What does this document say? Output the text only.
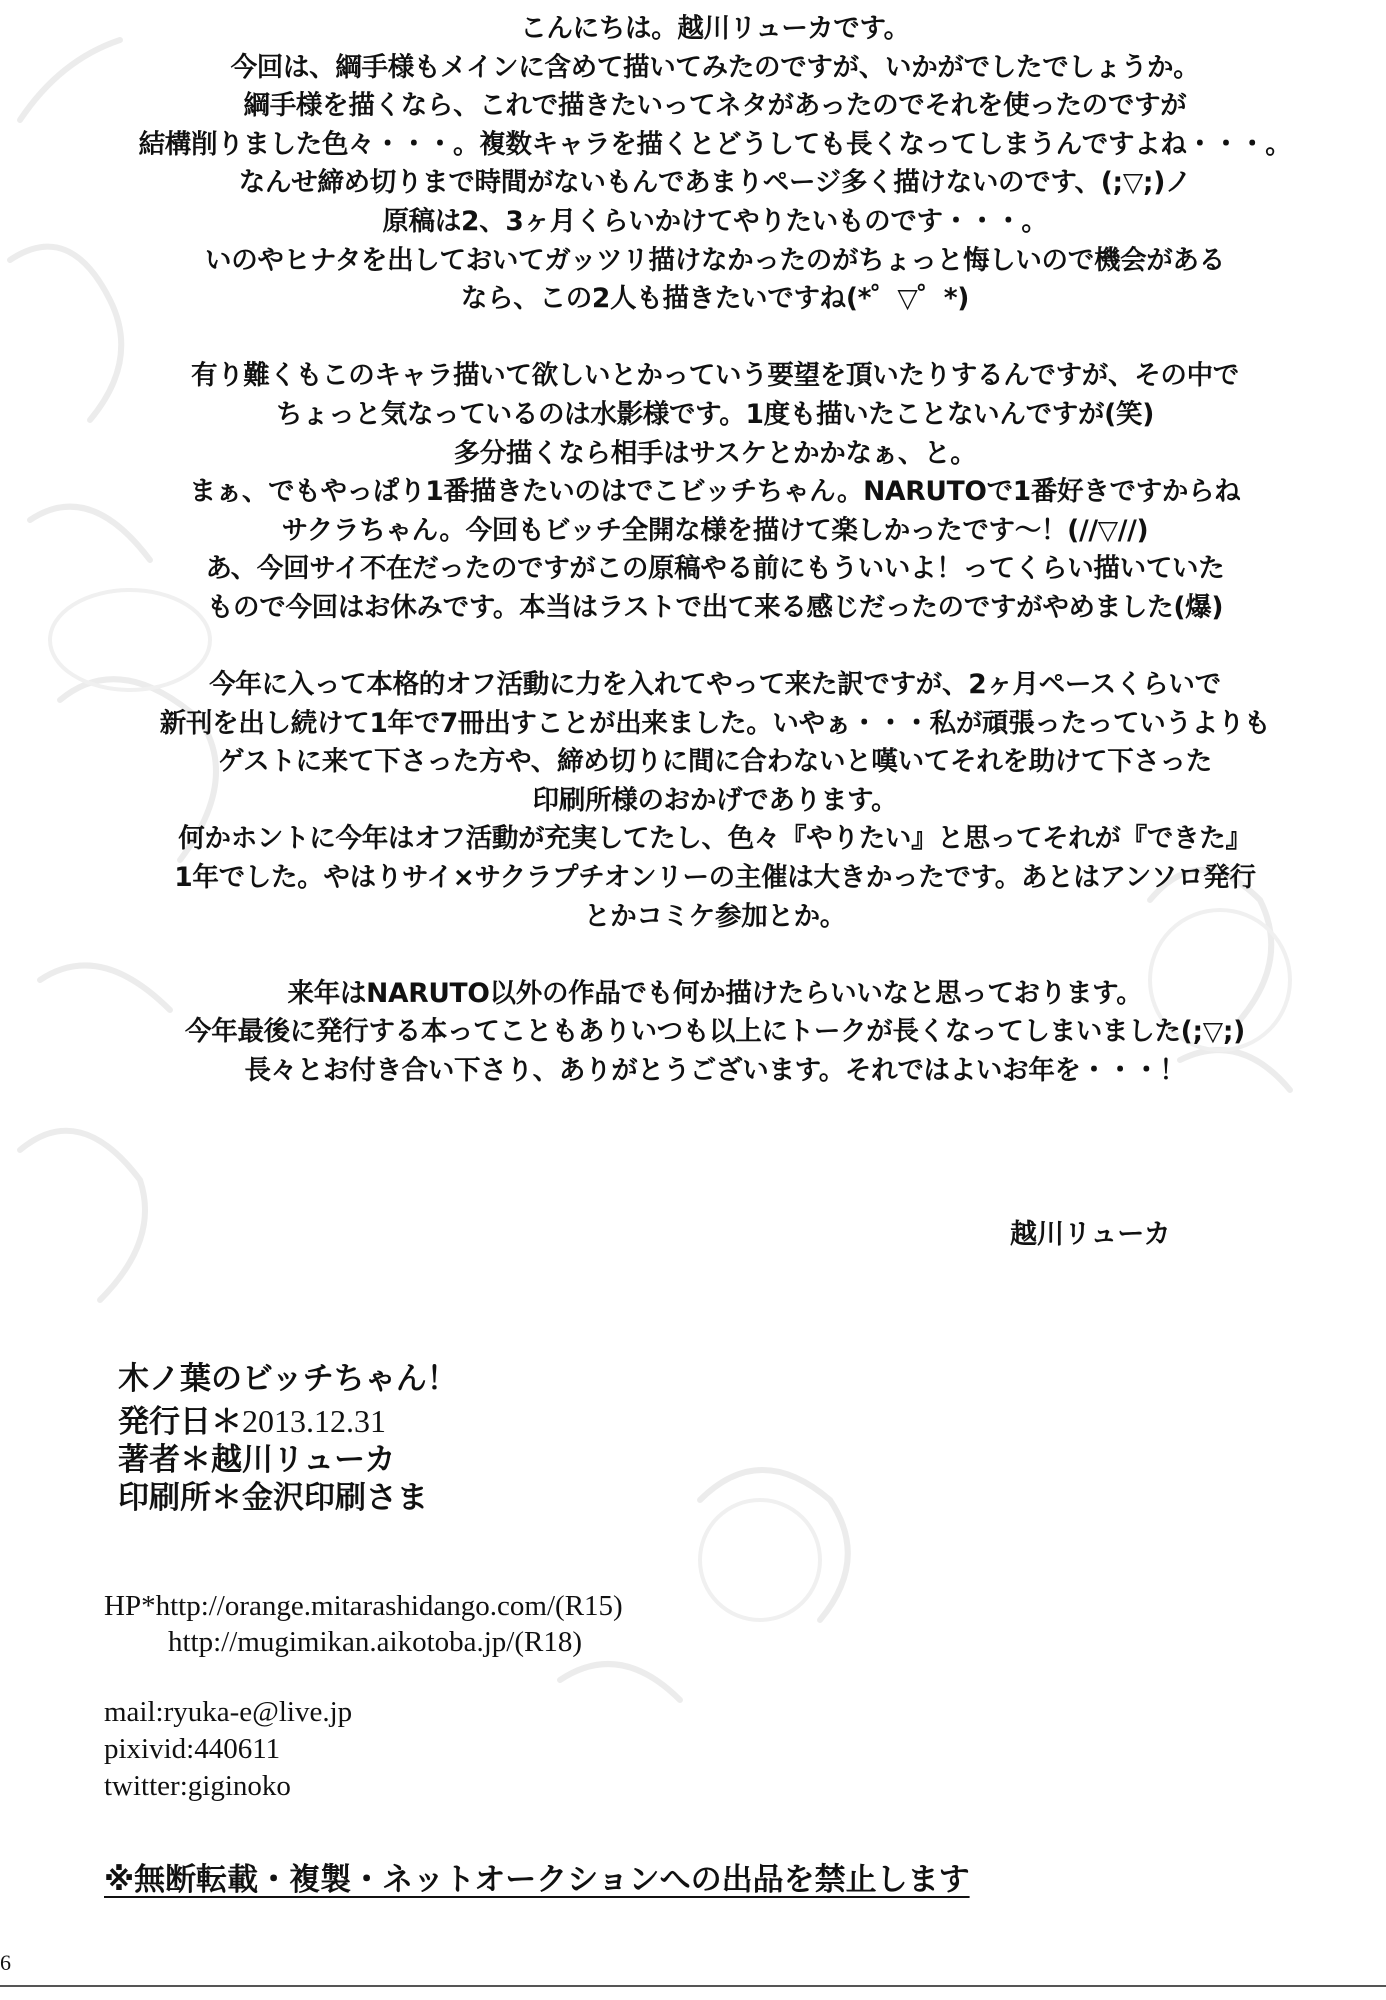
こんにちは。越川リューカです。
今回は、綱手様もメインに含めて描いてみたのですが、いかがでしたでしょうか。
綱手様を描くなら、これで描きたいってネタがあったのでそれを使ったのですが
結構削りました色々・・・。複数キャラを描くとどうしても長くなってしまうんですよね・・・。
なんせ締め切りまで時間がないもんであまりページ多く描けないのです、(;▽;)ノ
原稿は2、3ヶ月くらいかけてやりたいものです・・・。
いのやヒナタを出しておいてガッツリ描けなかったのがちょっと悔しいので機会がある
なら、この2人も描きたいですね(*゜▽゜*)
有り難くもこのキャラ描いて欲しいとかっていう要望を頂いたりするんですが、その中で
ちょっと気なっているのは水影様です。1度も描いたことないんですが(笑)
多分描くなら相手はサスケとかかなぁ、と。
まぁ、でもやっぱり1番描きたいのはでこビッチちゃん。NARUTOで1番好きですからね
サクラちゃん。今回もビッチ全開な様を描けて楽しかったです～！(//▽//)
あ、今回サイ不在だったのですがこの原稿やる前にもういいよ！ってくらい描いていた
もので今回はお休みです。本当はラストで出て来る感じだったのですがやめました(爆)
今年に入って本格的オフ活動に力を入れてやって来た訳ですが、2ヶ月ペースくらいで
新刊を出し続けて1年で7冊出すことが出来ました。いやぁ・・・私が頑張ったっていうよりも
ゲストに来て下さった方や、締め切りに間に合わないと嘆いてそれを助けて下さった
印刷所様のおかげであります。
何かホントに今年はオフ活動が充実してたし、色々『やりたい』と思ってそれが『できた』
1年でした。やはりサイ×サクラプチオンリーの主催は大きかったです。あとはアンソロ発行
とかコミケ参加とか。
来年はNARUTO以外の作品でも何か描けたらいいなと思っております。
今年最後に発行する本ってこともありいつも以上にトークが長くなってしまいました(;▽;)
長々とお付き合い下さり、ありがとうございます。それではよいお年を・・・！
越川リューカ
木ノ葉のビッチちゃん！
発行日＊2013.12.31
著者＊越川リューカ
印刷所＊金沢印刷さま
HP*http://orange.mitarashidango.com/(R15)
http://mugimikan.aikotoba.jp/(R18)
mail:ryuka-e@live.jp
pixivid:440611
twitter:giginoko
※無断転載・複製・ネットオークションへの出品を禁止します
6
